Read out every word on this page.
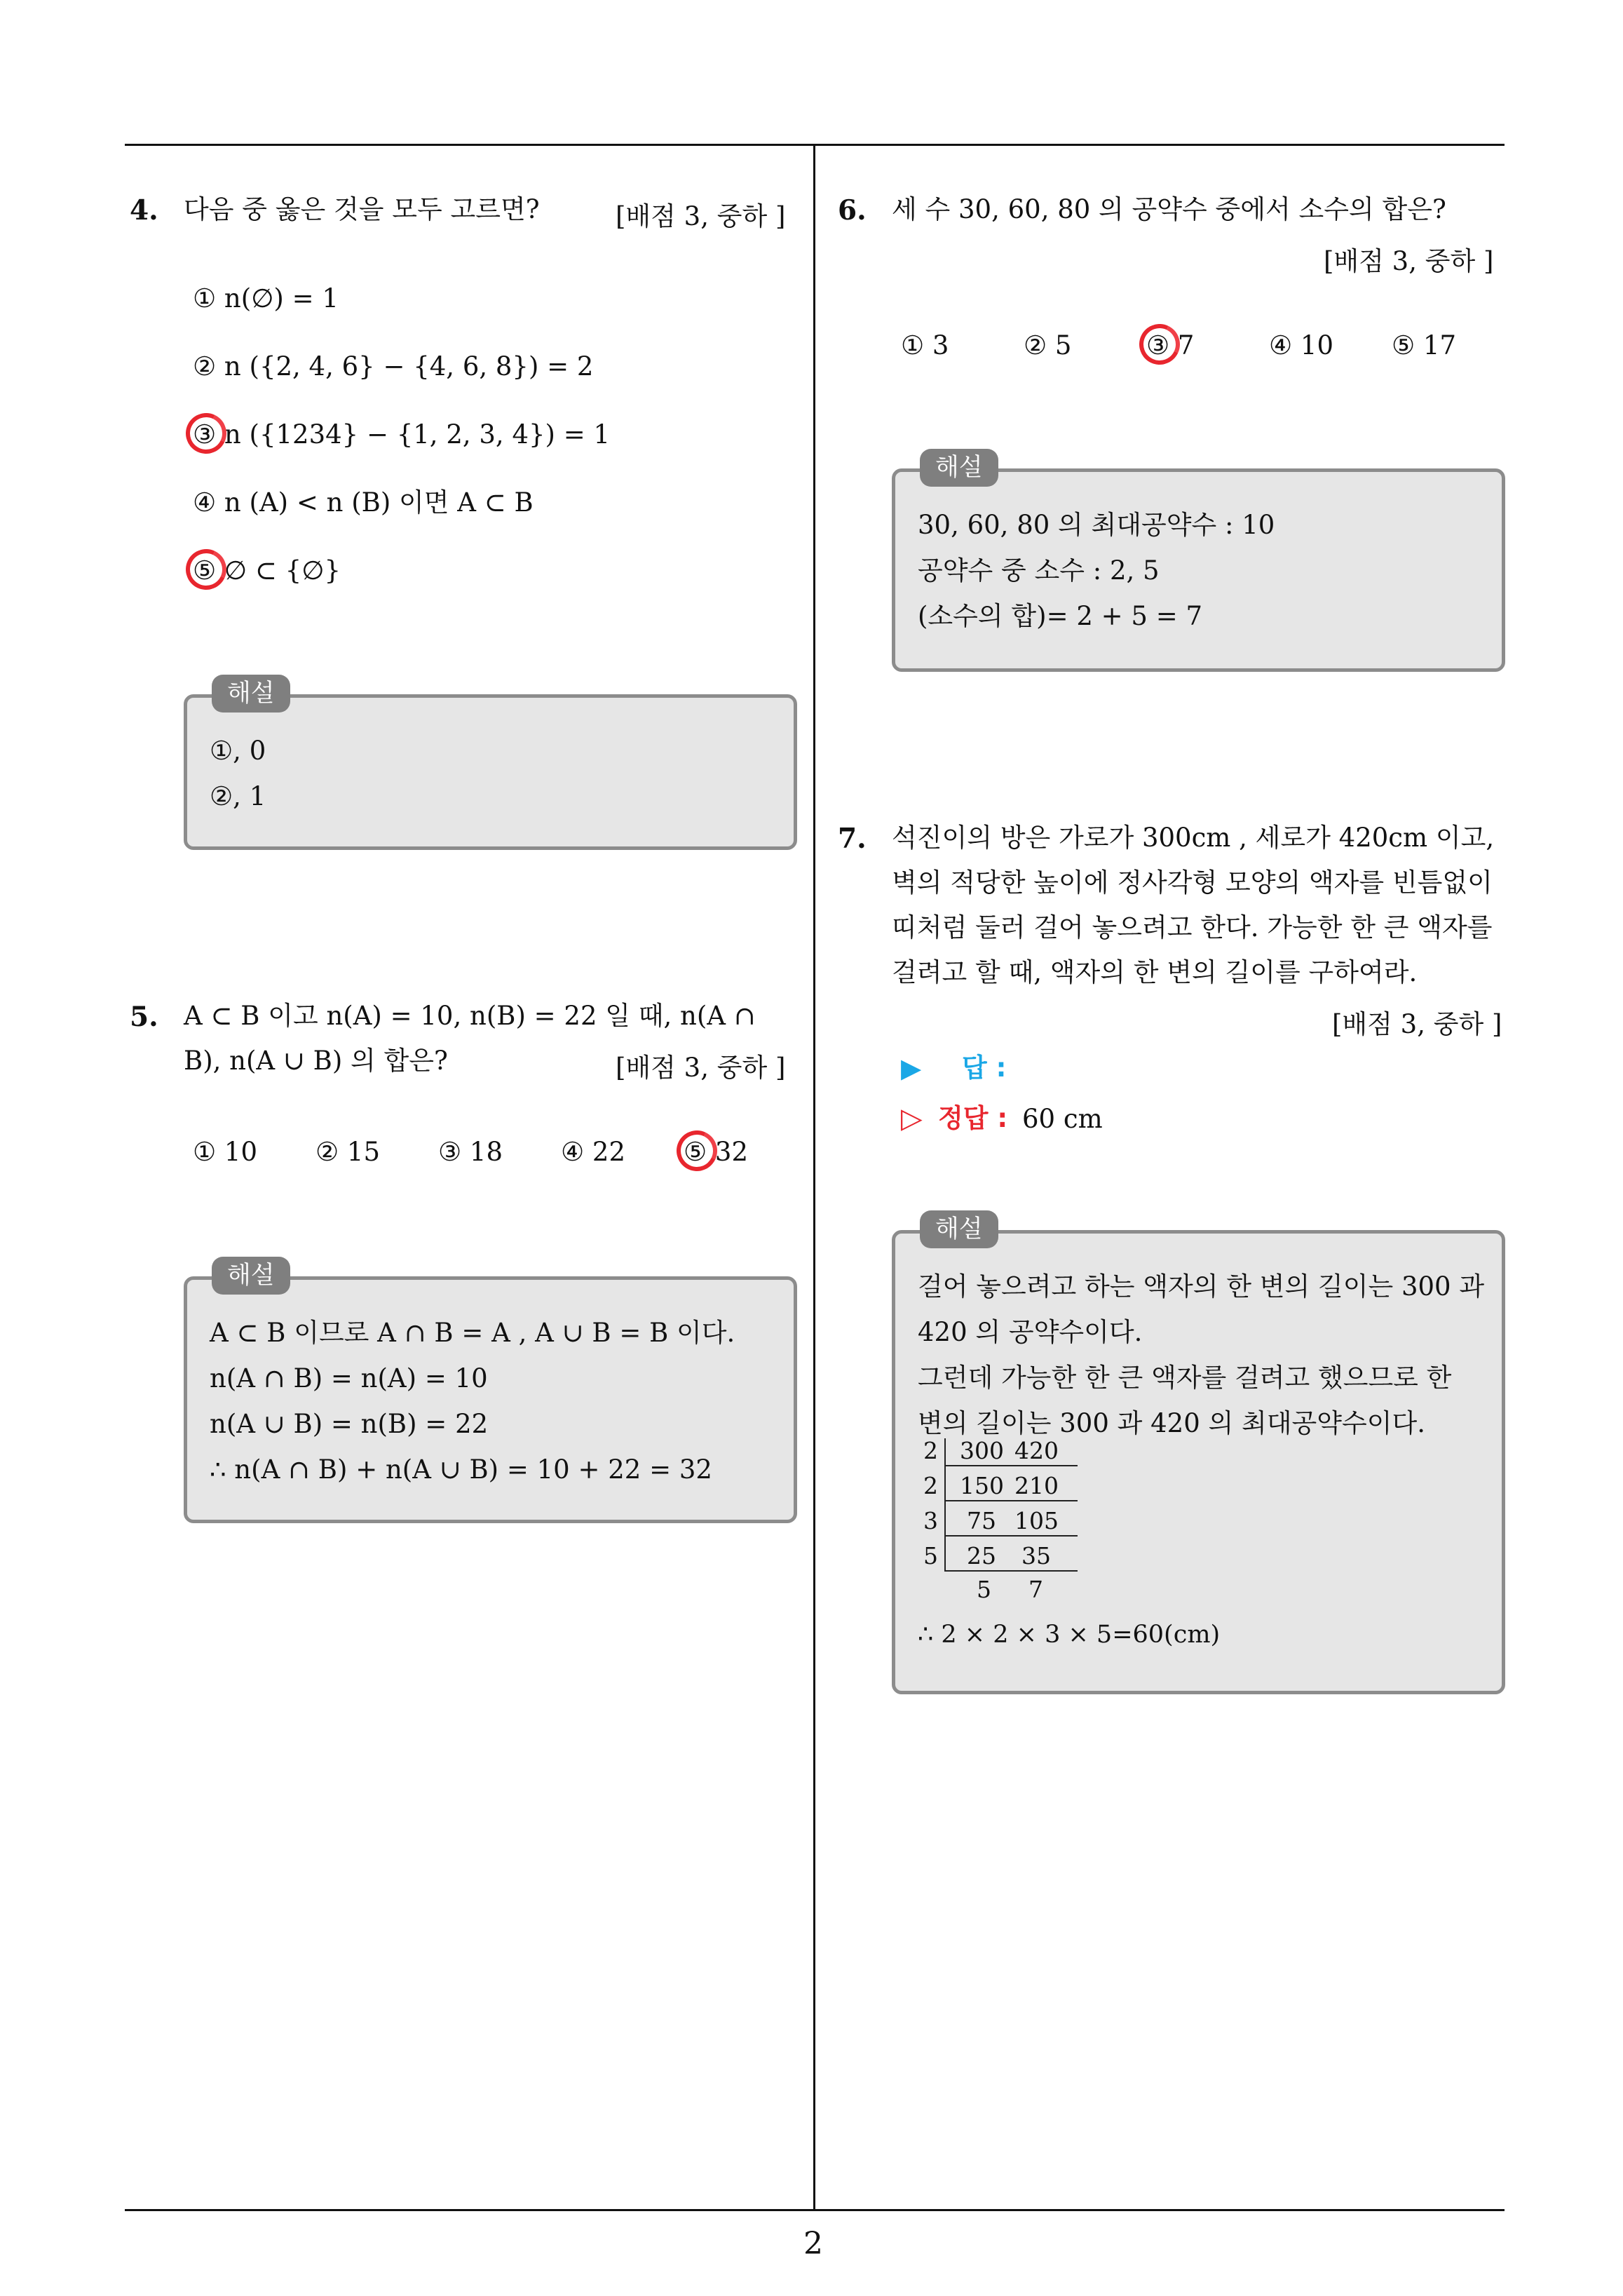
2
4. 다음 중 옳은 것을 모두 고르면?	[배점 3, 중하 ]
① n(∅) = 1
② n ({2, 4, 6} − {4, 6, 8}) = 2
③ n ({1234} − {1, 2, 3, 4}) = 1
④ n (A) < n (B) 이면 A ⊂ B
⑤ ∅ ⊂ {∅}
①, 0
②, 1
해설
5. A ⊂ B 이고 n(A) = 10, n(B) = 22 일 때, n(A ∩
B), n(A ∪ B) 의 합은?	[배점 3, 중하 ]
① 10 ② 15 ③ 18 ④ 22 ⑤ 32
A ⊂ B 이므로 A ∩ B = A , A ∪ B = B 이다.
n(A ∩ B) = n(A) = 10
n(A ∪ B) = n(B) = 22
∴ n(A ∩ B) + n(A ∪ B) = 10 + 22 = 32
해설
6. 세 수 30, 60, 80 의 공약수 중에서 소수의 합은?
[배점 3, 중하 ]
① 3	② 5	③ 7	④ 10 ⑤ 17
30, 60, 80 의 최대공약수 : 10
공약수 중 소수 : 2, 5
(소수의 합)= 2 + 5 = 7
해설
7. 석진이의 방은 가로가 300cm , 세로가 420cm 이고,
벽의 적당한 높이에 정사각형 모양의 액자를 빈틈없이
띠처럼 둘러 걸어 놓으려고 한다. 가능한 한 큰 액자를
걸려고 할 때, 액자의 한 변의 길이를 구하여라.
[배점 3, 중하 ]
▶ 답 :
▷ 정답 : 60 cm
걸어 놓으려고 하는 액자의 한 변의 길이는 300 과
420 의 공약수이다.
그런데 가능한 한 큰 액자를 걸려고 했으므로 한
변의 길이는 300 과 420 의 최대공약수이다.
2 300 420
2 150 210
3 75 105
5 25 35
5 7
∴ 2 × 2 × 3 × 5=60(cm)
해설
